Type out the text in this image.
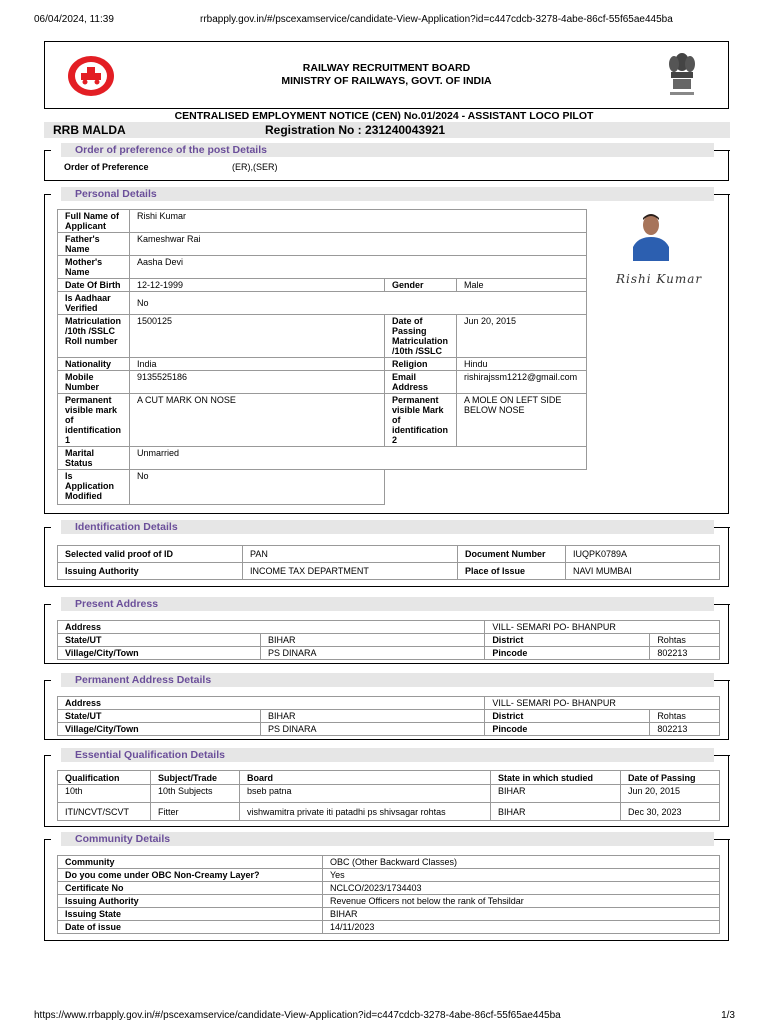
06/04/2024, 11:39	rrbapply.gov.in/#/pscexamservice/candidate-View-Application?id=c447cdcb-3278-4abe-86cf-55f65ae445ba
RAILWAY RECRUITMENT BOARD
MINISTRY OF RAILWAYS, GOVT. OF INDIA
CENTRALISED EMPLOYMENT NOTICE (CEN) No.01/2024 - ASSISTANT LOCO PILOT
RRB MALDA	Registration No : 231240043921
Order of preference of the post Details
Order of Preference	(ER),(SER)
Personal Details
Full Name of Applicant	Rishi Kumar		
Father's Name	Kameshwar Rai		
Mother's Name	Aasha Devi		
Date Of Birth	12-12-1999	Gender	Male
Is Aadhaar Verified	No		
Matriculation /10th /SSLC Roll number	1500125	Date of Passing Matriculation /10th /SSLC	Jun 20, 2015
Nationality	India	Religion	Hindu
Mobile Number	9135525186	Email Address	rishirajssm1212@gmail.com
Permanent visible mark of identification 1	A CUT MARK ON NOSE	Permanent visible Mark of identification 2	A MOLE ON LEFT SIDE BELOW NOSE
Marital Status	Unmarried		
Is Application Modified	No		
Rishi Kumar
Identification Details
Selected valid proof of ID	PAN	Document Number	IUQPK0789A
Issuing Authority	INCOME TAX DEPARTMENT	Place of Issue	NAVI MUMBAI
Present Address
Address		VILL- SEMARI PO- BHANPUR	
State/UT	BIHAR	District	Rohtas
Village/City/Town	PS DINARA	Pincode	802213
Permanent Address Details
Address		VILL- SEMARI PO- BHANPUR	
State/UT	BIHAR	District	Rohtas
Village/City/Town	PS DINARA	Pincode	802213
Essential Qualification Details
Qualification	Subject/Trade	Board	State in which studied	Date of Passing
10th	10th Subjects	bseb patna	BIHAR	Jun 20, 2015
ITI/NCVT/SCVT	Fitter	vishwamitra private iti patadhi ps shivsagar rohtas	BIHAR	Dec 30, 2023
Community Details
Community	OBC (Other Backward Classes)
Do you come under OBC Non-Creamy Layer?	Yes
Certificate No	NCLCO/2023/1734403
Issuing Authority	Revenue Officers not below the rank of Tehsildar
Issuing State	BIHAR
Date of issue	14/11/2023
https://www.rrbapply.gov.in/#/pscexamservice/candidate-View-Application?id=c447cdcb-3278-4abe-86cf-55f65ae445ba	1/3
